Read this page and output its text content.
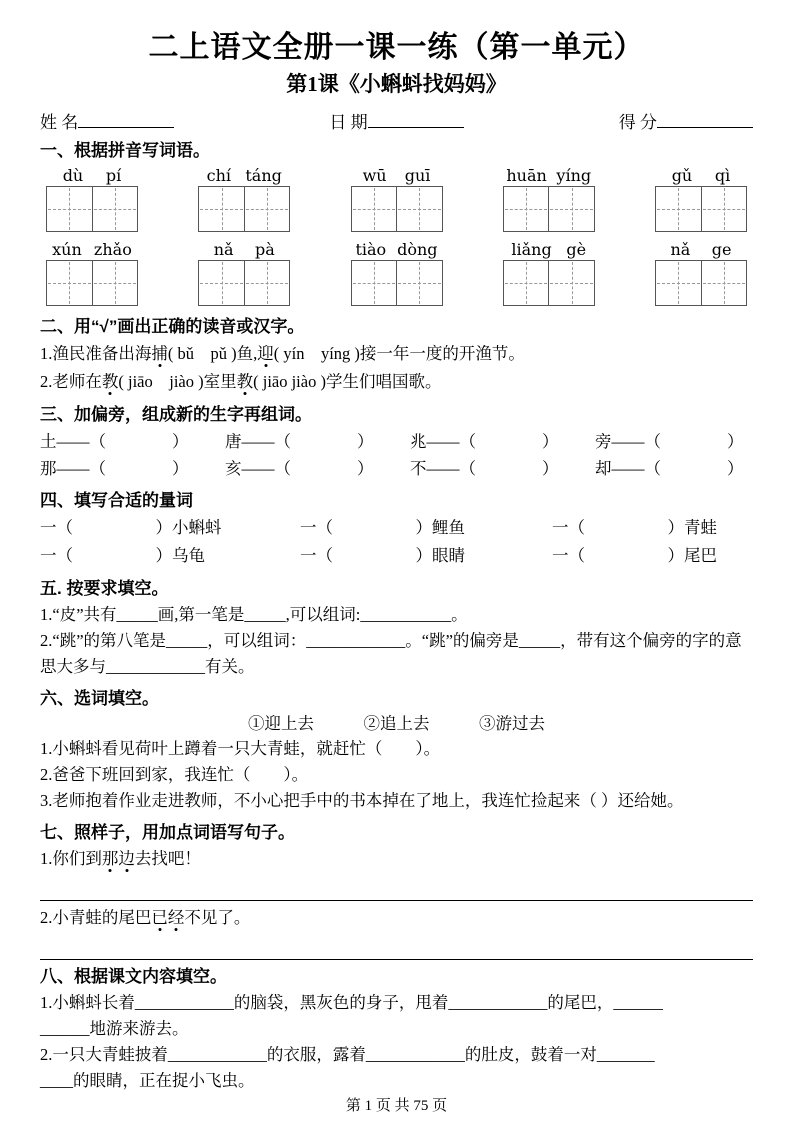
二上语文全册一课一练（第一单元）
第1课《小蝌蚪找妈妈》
姓 名	日 期	得 分
一、根据拼音写词语。
dù pí	chí táng	wū guī	huān yíng	gǔ qì
xún zhǎo	nǎ pà	tiào dòng	liǎng gè	nǎ ge
二、用“√”画出正确的读音或汉字。
1.渔民准备出海捕( bǔ pǔ )鱼,迎( yín yíng )接一年一度的开渔节。
2.老师在教( jiāo jiào )室里教( jiāo jiào )学生们唱国歌。
三、加偏旁，组成新的生字再组词。
土——（　　　　）	唐——（　　　　）	兆——（　　　　）	旁——（　　　　）
那——（　　　　）	亥——（　　　　）	不——（　　　　）	却——（　　　　）
四、填写合适的量词
一（　　　　　）小蝌蚪	一（　　　　　）鲤鱼	一（　　　　　）青蛙
一（　　　　　）乌龟	一（　　　　　）眼睛	一（　　　　　）尾巴
五. 按要求填空。
1.“皮”共有_____画,第一笔是_____,可以组词:___________。
2.“跳”的第八笔是_____，可以组词：____________。“跳”的偏旁是_____，带有这个偏旁的字的意思大多与____________有关。
六、选词填空。
①迎上去　　　②追上去　　　③游过去
1.小蝌蚪看见荷叶上蹲着一只大青蛙，就赶忙（　　）。
2.爸爸下班回到家，我连忙（　　）。
3.老师抱着作业走进教师，不小心把手中的书本掉在了地上，我连忙捡起来（ ）还给她。
七、照样子，用加点词语写句子。
1.你们到那边去找吧！
2.小青蛙的尾巴已经不见了。
八、根据课文内容填空。
1.小蝌蚪长着____________的脑袋，黑灰色的身子，甩着____________的尾巴，______
______地游来游去。
2.一只大青蛙披着____________的衣服，露着____________的肚皮，鼓着一对_______
____的眼睛，正在捉小飞虫。
第 1 页 共 75 页
